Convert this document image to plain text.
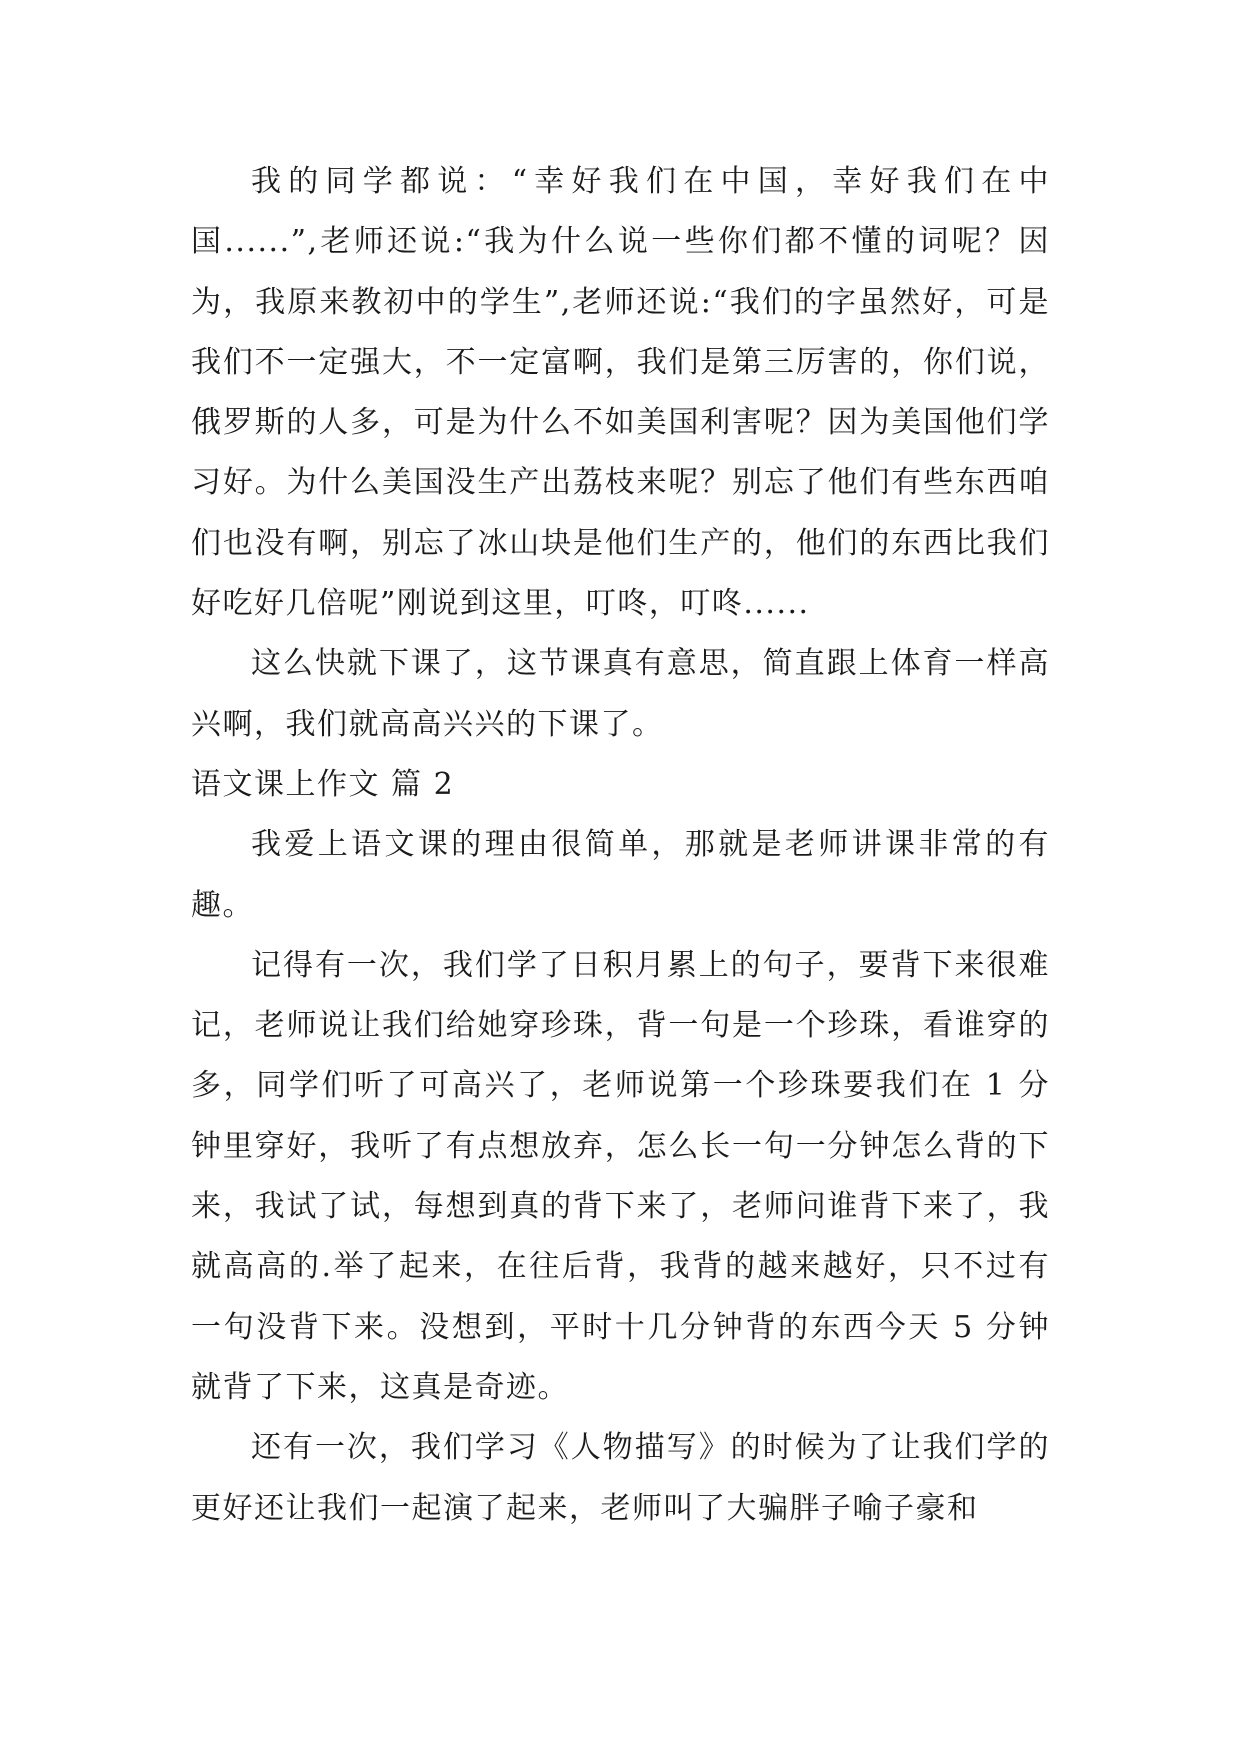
我的同学都说：“幸好我们在中国，幸好我们在中国......”,老师还说:“我为什么说一些你们都不懂的词呢？因为，我原来教初中的学生”,老师还说:“我们的字虽然好，可是我们不一定强大，不一定富啊，我们是第三厉害的，你们说，俄罗斯的人多，可是为什么不如美国利害呢？因为美国他们学习好。为什么美国没生产出荔枝来呢？别忘了他们有些东西咱们也没有啊，别忘了冰山块是他们生产的，他们的东西比我们好吃好几倍呢”刚说到这里，叮咚，叮咚......

这么快就下课了，这节课真有意思，简直跟上体育一样高兴啊，我们就高高兴兴的下课了。

语文课上作文 篇 2

我爱上语文课的理由很简单，那就是老师讲课非常的有趣。

记得有一次，我们学了日积月累上的句子，要背下来很难记，老师说让我们给她穿珍珠，背一句是一个珍珠，看谁穿的多，同学们听了可高兴了，老师说第一个珍珠要我们在 1 分钟里穿好，我听了有点想放弃，怎么长一句一分钟怎么背的下来，我试了试，每想到真的背下来了，老师问谁背下来了，我就高高的.举了起来，在往后背，我背的越来越好，只不过有一句没背下来。没想到，平时十几分钟背的东西今天 5 分钟就背了下来，这真是奇迹。

还有一次，我们学习《人物描写》的时候为了让我们学的更好还让我们一起演了起来，老师叫了大骗胖子喻子豪和
